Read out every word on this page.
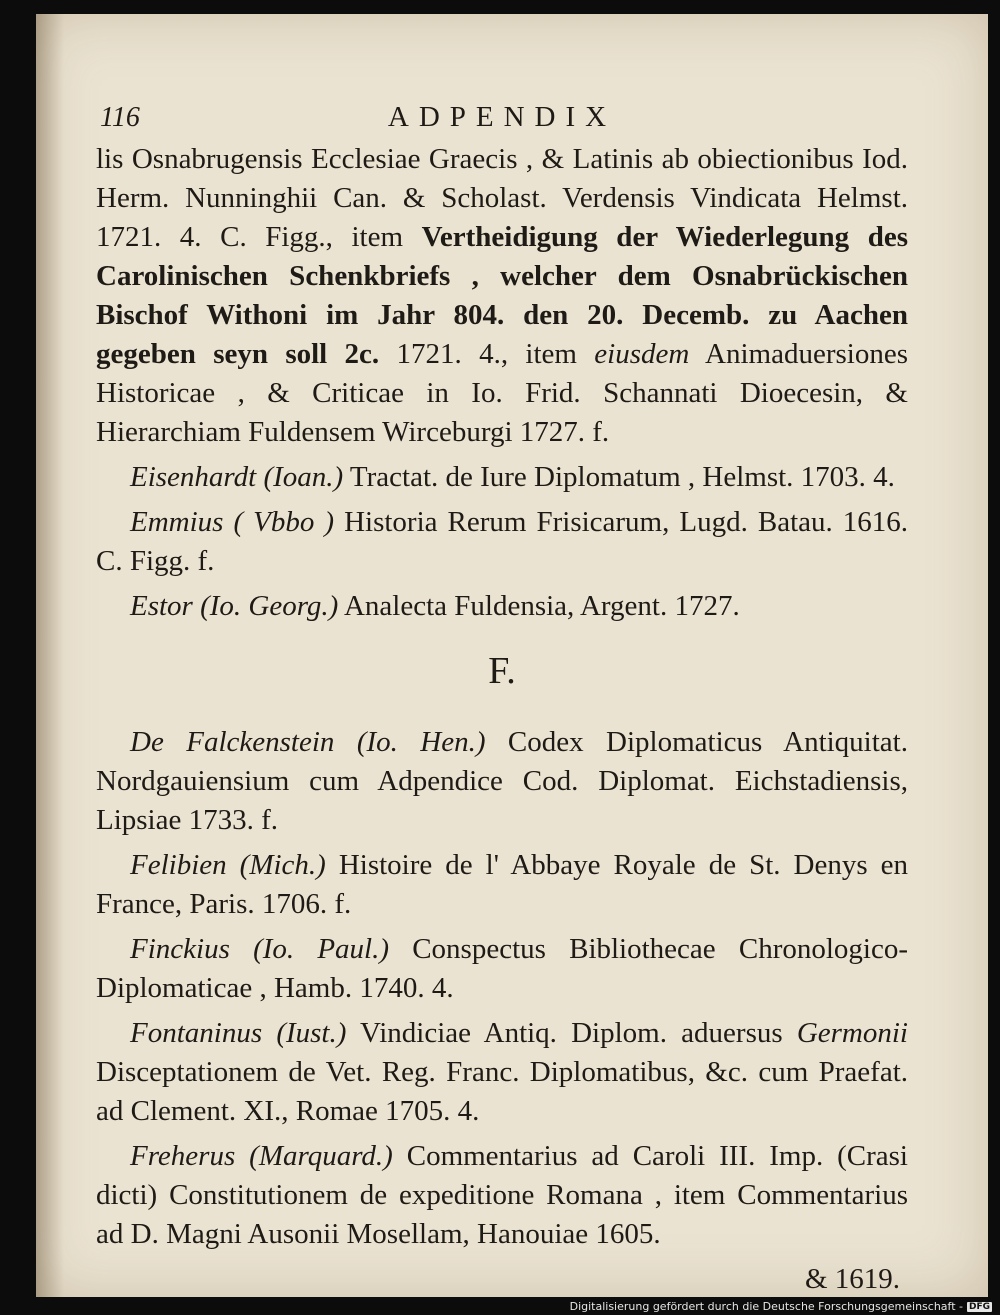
116	ADPENDIX

lis Osnabrugensis Ecclesiae Graecis , & Latinis ab obiectionibus Iod. Herm. Nunninghii Can. & Scholast. Verdensis Vindicata Helmst. 1721. 4. C. Figg., item Vertheidigung der Wiederlegung des Carolinischen Schenkbriefs , welcher dem Osnabrückischen Bischof Withoni im Jahr 804. den 20. Decemb. zu Aachen gegeben seyn soll 2c. 1721. 4., item eiusdem Animaduersiones Historicae , & Criticae in Io. Frid. Schannati Dioecesin, & Hierarchiam Fuldensem Wirceburgi 1727. f.

Eisenhardt (Ioan.) Tractat. de Iure Diplomatum , Helmst. 1703. 4.

Emmius ( Vbbo ) Historia Rerum Frisicarum, Lugd. Batau. 1616. C. Figg. f.

Estor (Io. Georg.) Analecta Fuldensia, Argent. 1727.

F.

De Falckenstein (Io. Hen.) Codex Diplomaticus Antiquitat. Nordgauiensium cum Adpendice Cod. Diplomat. Eichstadiensis, Lipsiae 1733. f.

Felibien (Mich.) Histoire de l' Abbaye Royale de St. Denys en France, Paris. 1706. f.

Finckius (Io. Paul.) Conspectus Bibliothecae Chronologico-Diplomaticae , Hamb. 1740. 4.

Fontaninus (Iust.) Vindiciae Antiq. Diplom. aduersus Germonii Disceptationem de Vet. Reg. Franc. Diplomatibus, &c. cum Praefat. ad Clement. XI., Romae 1705. 4.

Freherus (Marquard.) Commentarius ad Caroli III. Imp. (Crasi dicti) Constitutionem de expeditione Romana , item Commentarius ad D. Magni Ausonii Mosellam, Hanouiae 1605.

& 1619.
Digitalisierung gefördert durch die Deutsche Forschungsgemeinschaft - DFG
